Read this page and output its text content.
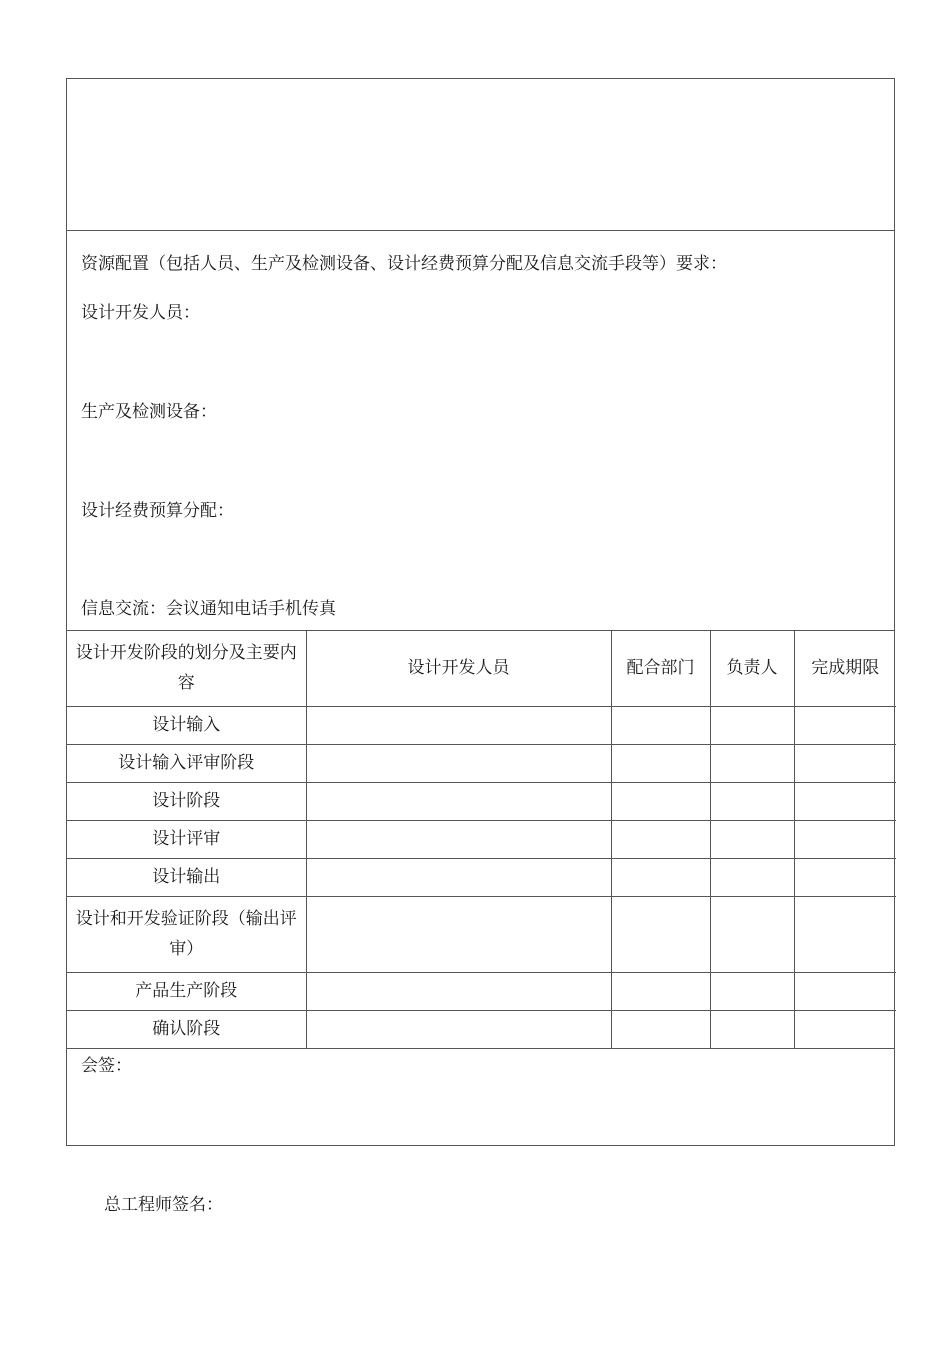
资源配置（包括人员、生产及检测设备、设计经费预算分配及信息交流手段等）要求：
设计开发人员：
生产及检测设备：
设计经费预算分配：
信息交流：会议通知电话手机传真
设计开发阶段的划分及主要内容	设计开发人员	配合部门	负责人	完成期限
设计输入				
设计输入评审阶段				
设计阶段				
设计评审				
设计输出				
设计和开发验证阶段（输出评审）				
产品生产阶段				
确认阶段				
会签：
总工程师签名：
